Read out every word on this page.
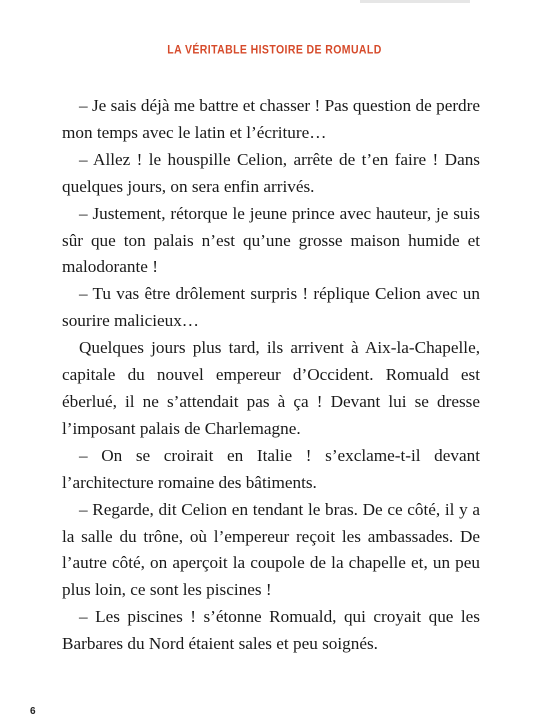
LA VÉRITABLE HISTOIRE DE ROMUALD

– Je sais déjà me battre et chasser ! Pas question de perdre mon temps avec le latin et l’écriture…

– Allez ! le houspille Celion, arrête de t’en faire ! Dans quelques jours, on sera enfin arrivés.

– Justement, rétorque le jeune prince avec hauteur, je suis sûr que ton palais n’est qu’une grosse maison humide et malodorante !

– Tu vas être drôlement surpris ! réplique Celion avec un sourire malicieux…

Quelques jours plus tard, ils arrivent à Aix-la-Chapelle, capitale du nouvel empereur d’Occident. Romuald est éberlué, il ne s’attendait pas à ça ! Devant lui se dresse l’imposant palais de Charlemagne.

– On se croirait en Italie ! s’exclame-t-il devant l’architecture romaine des bâtiments.

– Regarde, dit Celion en tendant le bras. De ce côté, il y a la salle du trône, où l’empereur reçoit les ambassades. De l’autre côté, on aperçoit la coupole de la chapelle et, un peu plus loin, ce sont les piscines !

– Les piscines ! s’étonne Romuald, qui croyait que les Barbares du Nord étaient sales et peu soignés.

6
